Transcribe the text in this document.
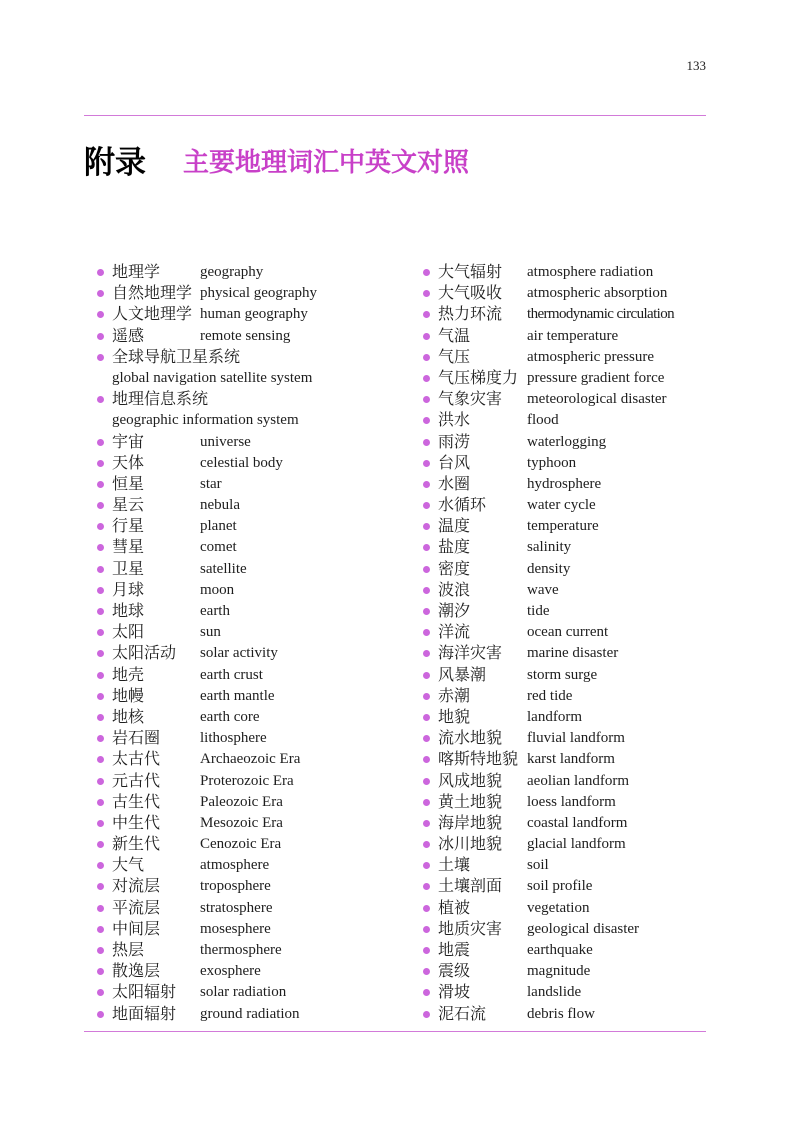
133
附录 主要地理词汇中英文对照
地理学	geography
自然地理学 physical geography
人文地理学 human geography
遥感	remote sensing
全球导航卫星系统
global navigation satellite system
地理信息系统
geographic information system
宇宙	universe
天体	celestial body
恒星	star
星云	nebula
行星	planet
彗星	comet
卫星	satellite
月球	moon
地球	earth
太阳	sun
太阳活动 solar activity
地壳	earth crust
地幔	earth mantle
地核	earth core
岩石圈	lithosphere
太古代	Archaeozoic Era
元古代	Proterozoic Era
古生代	Paleozoic Era
中生代	Mesozoic Era
新生代	Cenozoic Era
大气	atmosphere
对流层	troposphere
平流层	stratosphere
中间层	mosesphere
热层	thermosphere
散逸层	exosphere
太阳辐射 solar radiation
地面辐射 ground radiation
大气辐射 atmosphere radiation
大气吸收 atmospheric absorption
热力环流 thermodynamic circulation
气温	air temperature
气压	atmospheric pressure
气压梯度力 pressure gradient force
气象灾害 meteorological disaster
洪水	flood
雨涝	waterlogging
台风	typhoon
水圈	hydrosphere
水循环	water cycle
温度	temperature
盐度	salinity
密度	density
波浪	wave
潮汐	tide
洋流	ocean current
海洋灾害 marine disaster
风暴潮	storm surge
赤潮	red tide
地貌	landform
流水地貌 fluvial landform
喀斯特地貌 karst landform
风成地貌 aeolian landform
黄土地貌 loess landform
海岸地貌 coastal landform
冰川地貌 glacial landform
土壤	soil
土壤剖面 soil profile
植被	vegetation
地质灾害 geological disaster
地震	earthquake
震级	magnitude
滑坡	landslide
泥石流	debris flow
